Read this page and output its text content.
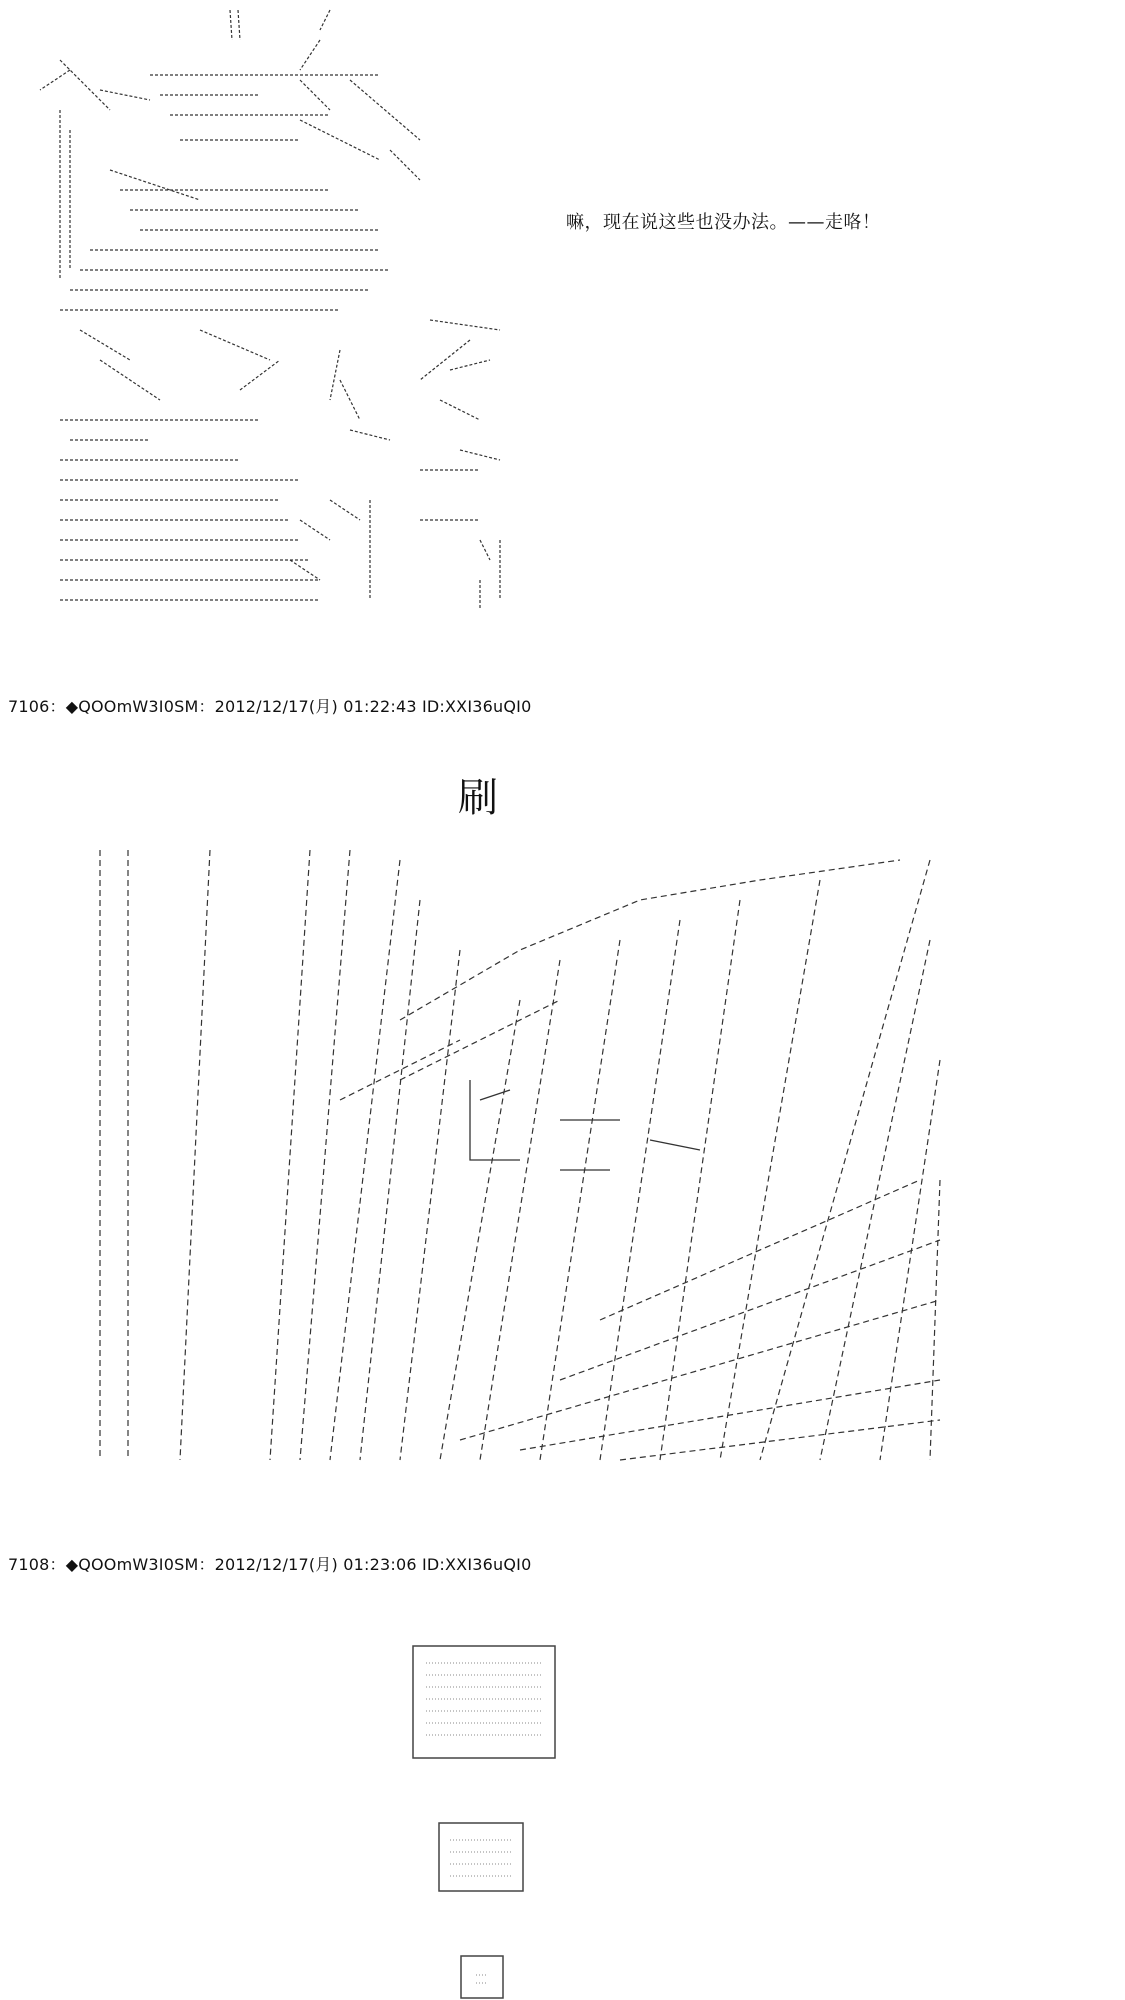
嘛，现在说这些也没办法。——走咯！
7106：◆QOOmW3I0SM：2012/12/17(月) 01:22:43 ID:XXI36uQI0
刷
7108：◆QOOmW3I0SM：2012/12/17(月) 01:23:06 ID:XXI36uQI0
